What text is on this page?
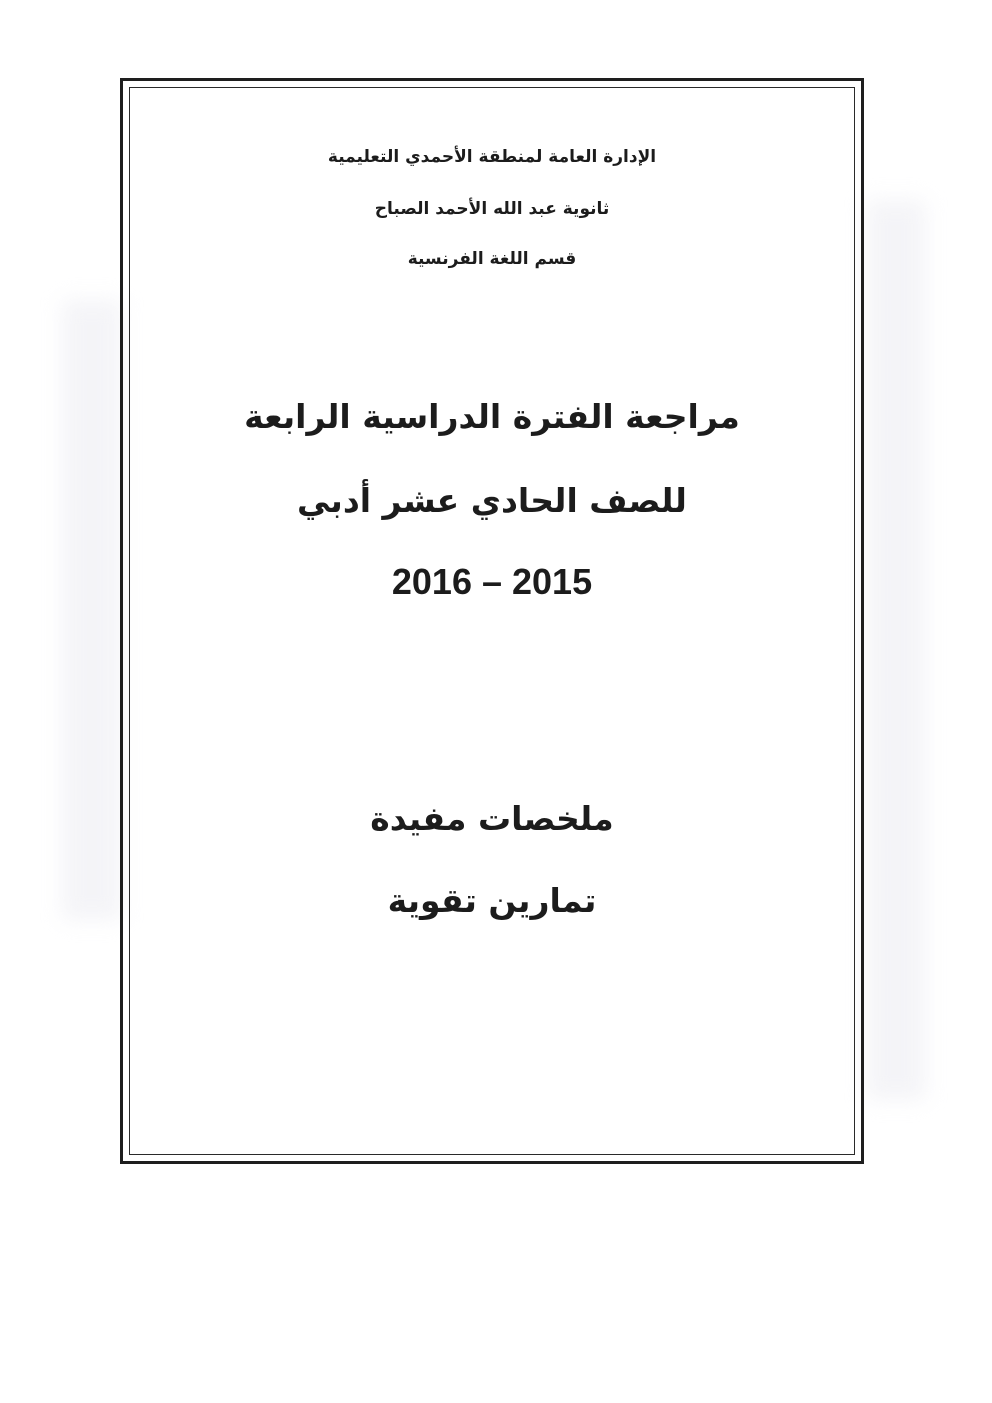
الإدارة العامة لمنطقة الأحمدي التعليمية
ثانوية عبد الله الأحمد الصباح
قسم اللغة الفرنسية
مراجعة الفترة الدراسية الرابعة
للصف الحادي عشر أدبي
2016 – 2015
ملخصات مفيدة
تمارين تقوية
